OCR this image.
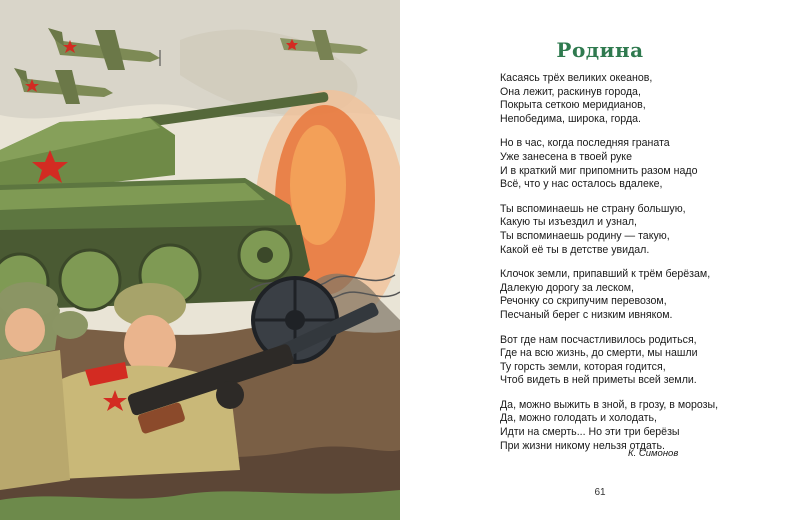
Родина
Касаясь трёх великих океанов,
Она лежит, раскинув города,
Покрыта сеткою меридианов,
Непобедима, широка, горда.
Но в час, когда последняя граната
Уже занесена в твоей руке
И в краткий миг припомнить разом надо
Всё, что у нас осталось вдалеке,
Ты вспоминаешь не страну большую,
Какую ты изъездил и узнал,
Ты вспоминаешь родину — такую,
Какой её ты в детстве увидал.
Клочок земли, припавший к трём берёзам,
Далекую дорогу за леском,
Речонку со скрипучим перевозом,
Песчаный берег с низким ивняком.
Вот где нам посчастливилось родиться,
Где на всю жизнь, до смерти, мы нашли
Ту горсть земли, которая годится,
Чтоб видеть в ней приметы всей земли.
Да, можно выжить в зной, в грозу, в морозы,
Да, можно голодать и холодать,
Идти на смерть... Но эти три берёзы
При жизни никому нельзя отдать.
К. Симонов
61
